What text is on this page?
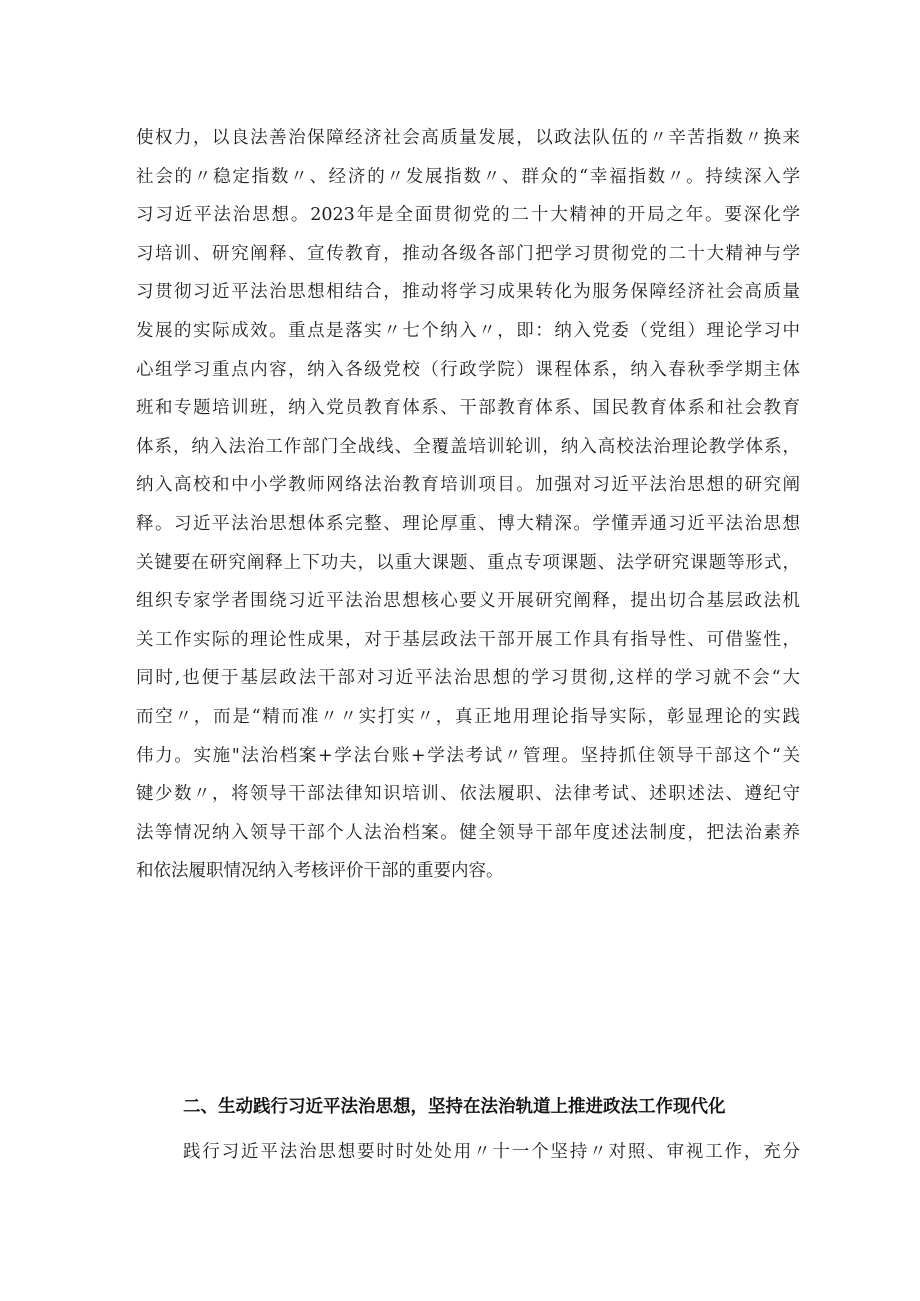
使权力，以良法善治保障经济社会高质量发展，以政法队伍的〃辛苦指数〃换来
社会的〃稳定指数〃、经济的〃发展指数〃、群众的“幸福指数〃。持续深入学
习习近平法治思想。2023年是全面贯彻党的二十大精神的开局之年。要深化学
习培训、研究阐释、宣传教育，推动各级各部门把学习贯彻党的二十大精神与学
习贯彻习近平法治思想相结合，推动将学习成果转化为服务保障经济社会高质量
发展的实际成效。重点是落实〃七个纳入〃，即：纳入党委（党组）理论学习中
心组学习重点内容，纳入各级党校（行政学院）课程体系，纳入春秋季学期主体
班和专题培训班，纳入党员教育体系、干部教育体系、国民教育体系和社会教育
体系，纳入法治工作部门全战线、全覆盖培训轮训，纳入高校法治理论教学体系，
纳入高校和中小学教师网络法治教育培训项目。加强对习近平法治思想的研究阐
释。习近平法治思想体系完整、理论厚重、博大精深。学懂弄通习近平法治思想
关键要在研究阐释上下功夫，以重大课题、重点专项课题、法学研究课题等形式，
组织专家学者围绕习近平法治思想核心要义开展研究阐释，提出切合基层政法机
关工作实际的理论性成果，对于基层政法干部开展工作具有指导性、可借鉴性，
同时,也便于基层政法干部对习近平法治思想的学习贯彻,这样的学习就不会“大
而空〃，而是“精而准〃〃实打实〃，真正地用理论指导实际，彰显理论的实践
伟力。实施"法治档案+学法台账+学法考试〃管理。坚持抓住领导干部这个“关
键少数〃，将领导干部法律知识培训、依法履职、法律考试、述职述法、遵纪守
法等情况纳入领导干部个人法治档案。健全领导干部年度述法制度，把法治素养
和依法履职情况纳入考核评价干部的重要内容。
二、生动践行习近平法治思想，坚持在法治轨道上推进政法工作现代化
践行习近平法治思想要时时处处用〃十一个坚持〃对照、审视工作，充分
